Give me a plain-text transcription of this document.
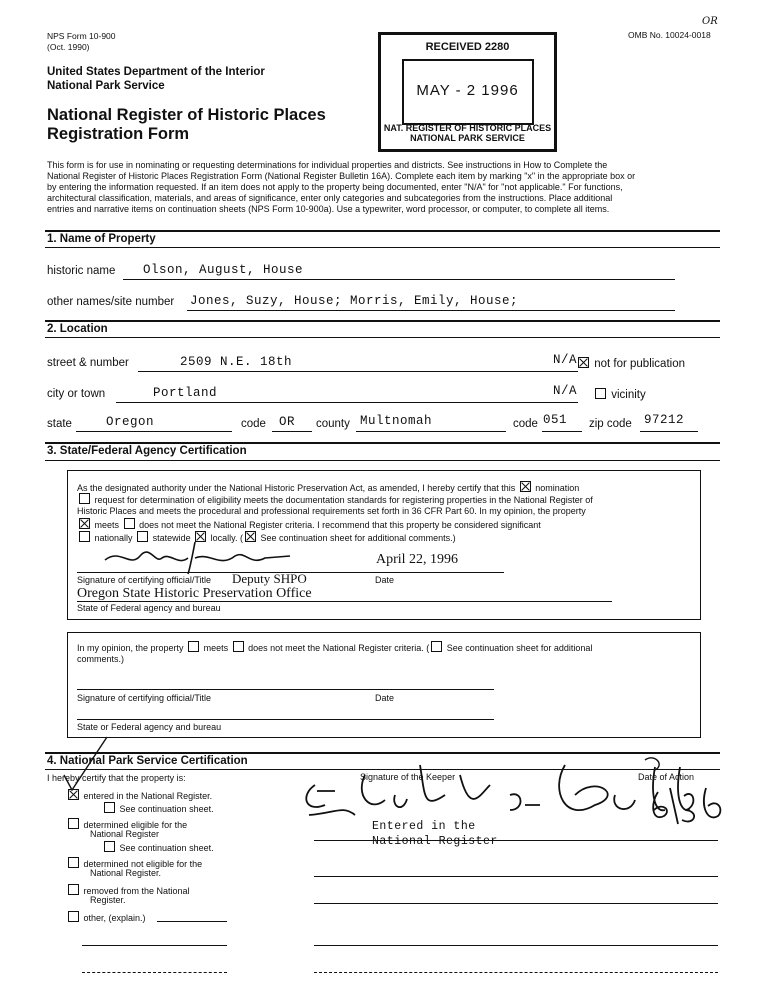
NPS Form 10-900
(Oct. 1990)
OMB No. 10024-0018
OR
United States Department of the Interior
National Park Service
National Register of Historic Places
Registration Form
RECEIVED 2280
MAY - 2 1996
NAT. REGISTER OF HISTORIC PLACES
NATIONAL PARK SERVICE
This form is for use in nominating or requesting determinations for individual properties and districts. See instructions in How to Complete the
National Register of Historic Places Registration Form (National Register Bulletin 16A). Complete each item by marking "x" in the appropriate box or
by entering the information requested. If an item does not apply to the property being documented, enter "N/A" for "not applicable." For functions,
architectural classification, materials, and areas of significance, enter only categories and subcategories from the instructions. Place additional
entries and narrative items on continuation sheets (NPS Form 10-900a). Use a typewriter, word processor, or computer, to complete all items.
1. Name of Property
historic name Olson, August, House
other names/site number Jones, Suzy, House; Morris, Emily, House;
2. Location
street & number	2509 N.E. 18th	N/A	not for publication
city or town	Portland	N/A	vicinity
state	Oregon	code OR county Multnomah	code 051 zip code 97212
3. State/Federal Agency Certification
As the designated authority under the National Historic Preservation Act, as amended, I hereby certify that this nomination
request for determination of eligibility meets the documentation standards for registering properties in the National Register of
Historic Places and meets the procedural and professional requirements set forth in 36 CFR Part 60. In my opinion, the property
meets does not meet the National Register criteria. I recommend that this property be considered significant
nationally statewide locally. ( See continuation sheet for additional comments.)
April 22, 1996
Signature of certifying official/Title Deputy SHPO	Date
Oregon State Historic Preservation Office
State of Federal agency and bureau
In my opinion, the property meets does not meet the National Register criteria. ( See continuation sheet for additional
comments.)
Signature of certifying official/Title	Date
State or Federal agency and bureau
4. National Park Service Certification
I hereby certify that the property is:	Signature of the Keeper	Date of Action
entered in the National Register.
See continuation sheet.
determined eligible for the
National Register
See continuation sheet.
determined not eligible for the
National Register.
removed from the National
Register.
other, (explain.)
Entered in the
National Register
